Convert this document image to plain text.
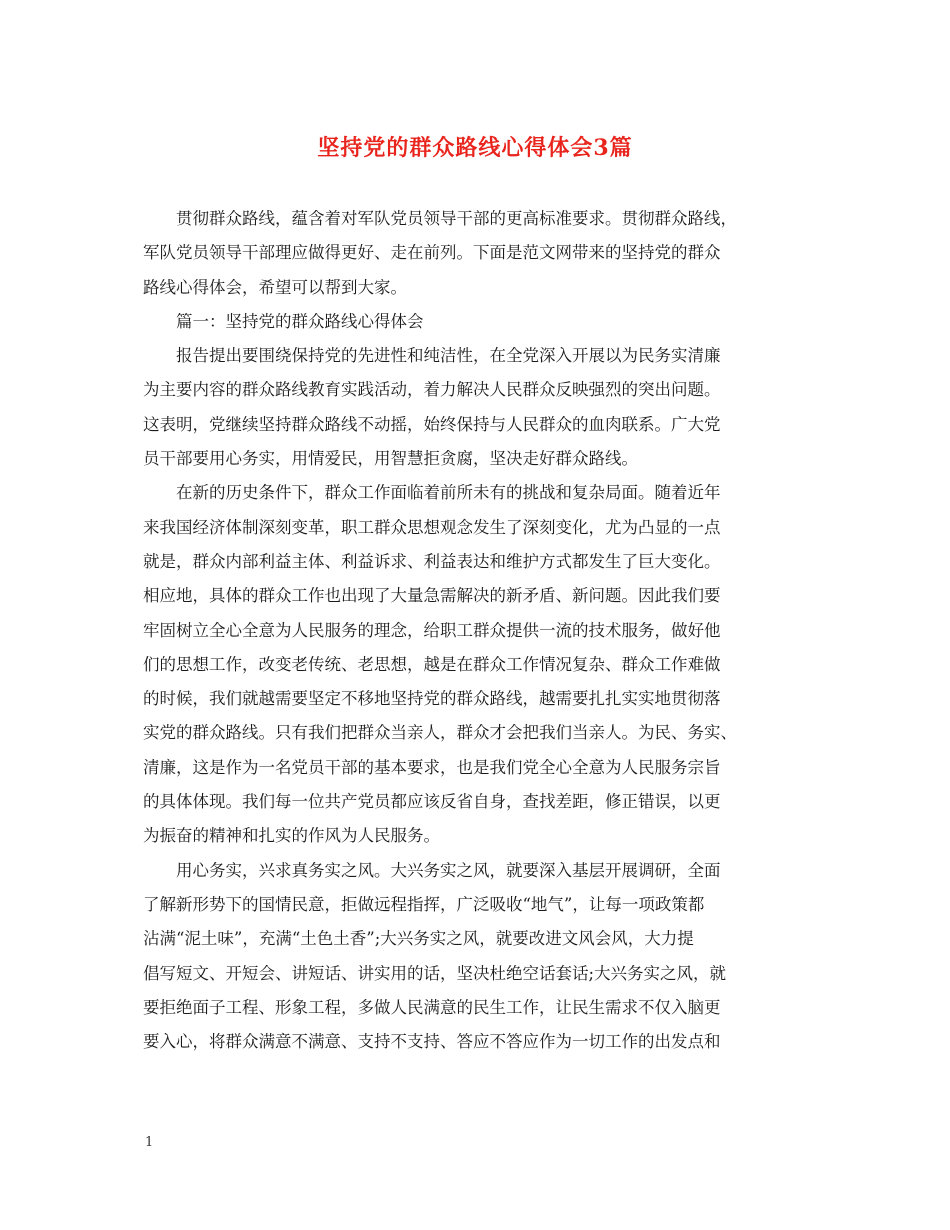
坚持党的群众路线心得体会3篇
贯彻群众路线，蕴含着对军队党员领导干部的更高标准要求。贯彻群众路线，
军队党员领导干部理应做得更好、走在前列。下面是范文网带来的坚持党的群众
路线心得体会，希望可以帮到大家。
篇一：坚持党的群众路线心得体会
报告提出要围绕保持党的先进性和纯洁性，在全党深入开展以为民务实清廉
为主要内容的群众路线教育实践活动，着力解决人民群众反映强烈的突出问题。
这表明，党继续坚持群众路线不动摇，始终保持与人民群众的血肉联系。广大党
员干部要用心务实，用情爱民，用智慧拒贪腐，坚决走好群众路线。
在新的历史条件下，群众工作面临着前所未有的挑战和复杂局面。随着近年
来我国经济体制深刻变革，职工群众思想观念发生了深刻变化，尤为凸显的一点
就是，群众内部利益主体、利益诉求、利益表达和维护方式都发生了巨大变化。
相应地，具体的群众工作也出现了大量急需解决的新矛盾、新问题。因此我们要
牢固树立全心全意为人民服务的理念，给职工群众提供一流的技术服务，做好他
们的思想工作，改变老传统、老思想，越是在群众工作情况复杂、群众工作难做
的时候，我们就越需要坚定不移地坚持党的群众路线，越需要扎扎实实地贯彻落
实党的群众路线。只有我们把群众当亲人，群众才会把我们当亲人。为民、务实、
清廉，这是作为一名党员干部的基本要求，也是我们党全心全意为人民服务宗旨
的具体体现。我们每一位共产党员都应该反省自身，查找差距，修正错误，以更
为振奋的精神和扎实的作风为人民服务。
用心务实，兴求真务实之风。大兴务实之风，就要深入基层开展调研，全面
了解新形势下的国情民意，拒做远程指挥，广泛吸收“地气”，让每一项政策都
沾满“泥土味”，充满“土色土香”;大兴务实之风，就要改进文风会风，大力提
倡写短文、开短会、讲短话、讲实用的话，坚决杜绝空话套话;大兴务实之风，就
要拒绝面子工程、形象工程，多做人民满意的民生工作，让民生需求不仅入脑更
要入心，将群众满意不满意、支持不支持、答应不答应作为一切工作的出发点和
1
